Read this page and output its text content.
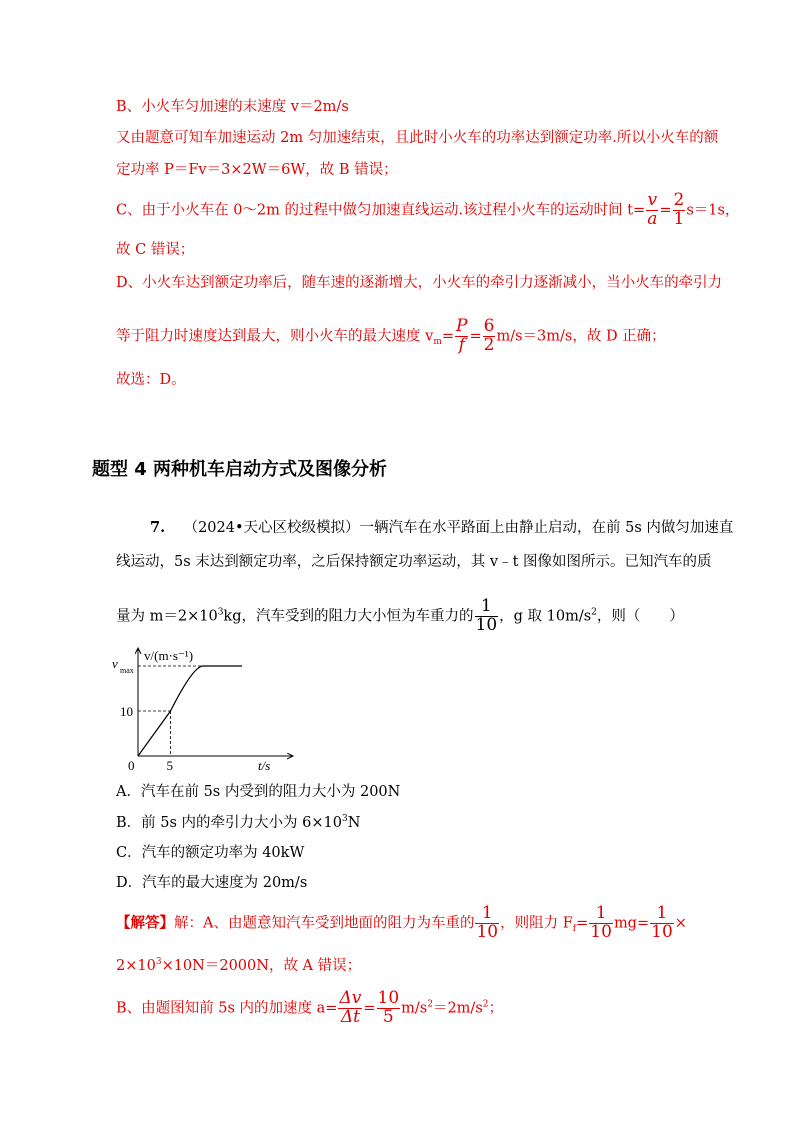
B、小火车匀加速的末速度 v＝2m/s
又由题意可知车加速运动 2m 匀加速结束，且此时小火车的功率达到额定功率.所以小火车的额
定功率 P＝Fv＝3×2W＝6W，故 B 错误；
C、由于小火车在 0～2m 的过程中做匀加速直线运动.该过程小火车的运动时间 $t= \frac{v}{a} = \frac{2}{1} s=1s$，
故 C 错误；
D、小火车达到额定功率后，随车速的逐渐增大，小火车的牵引力逐渐减小，当小火车的牵引力
等于阻力时速度达到最大，则小火车的最大速度 $v_m= \frac{P}{f} = \frac{6}{2} m/s=3m/s$，故 D 正确；
故选：D。
题型 4 两种机车启动方式及图像分析
7. （2024•天心区校级模拟）一辆汽车在水平路面上由静止启动，在前 5s 内做匀加速直
线运动，5s 末达到额定功率，之后保持额定功率运动，其 v﹣t 图像如图所示。已知汽车的质
量为 $m=2\times 10^3kg$，汽车受到的阻力大小恒为车重力的 $\frac{1}{10}$ ，g 取 $10m/s^2$，则（　　）
v/(m·s⁻¹)
t/s
0 5
10
v max
A．汽车在前 5s 内受到的阻力大小为 200N
B．前 5s 内的牵引力大小为 $6\times 10^3N$
C．汽车的额定功率为 40kW
D．汽车的最大速度为 20m/s
【解答】解：A、由题意知汽车受到地面的阻力为车重的 $\frac{1}{10}$ ，则阻力 $F_f= \frac{1}{10} mg= \frac{1}{10}$ ×
$2\times 10^3\times 10N=2000N$，故 A 错误；
B、由题图知前 5s 内的加速度 $a= \frac{\Delta v}{\Delta t} = \frac{10}{5} m/s^2=2m/s^2$；
